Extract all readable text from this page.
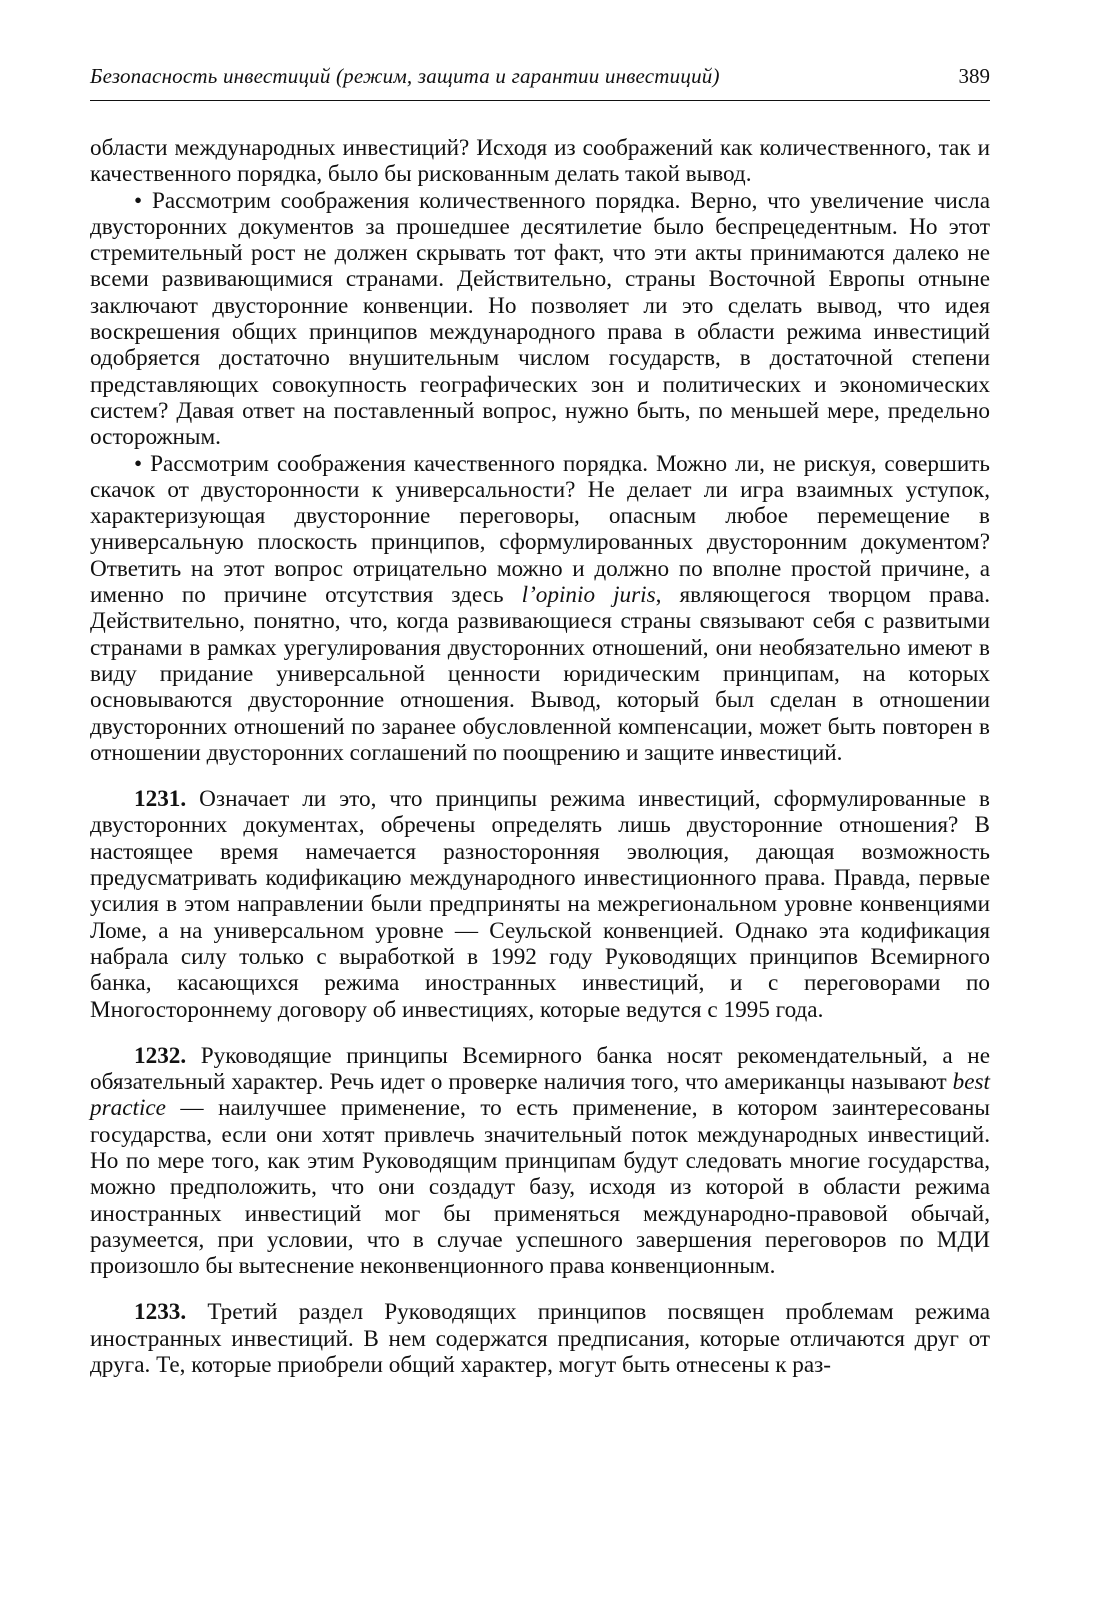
Безопасность инвестиций (режим, защита и гарантии инвестиций)	389

области международных инвестиций? Исходя из соображений как количественного, так и качественного порядка, было бы рискованным делать такой вывод.

• Рассмотрим соображения количественного порядка. Верно, что увеличение числа двусторонних документов за прошедшее десятилетие было беспрецедентным. Но этот стремительный рост не должен скрывать тот факт, что эти акты принимаются далеко не всеми развивающимися странами. Действительно, страны Восточной Европы отныне заключают двусторонние конвенции. Но позволяет ли это сделать вывод, что идея воскрешения общих принципов международного права в области режима инвестиций одобряется достаточно внушительным числом государств, в достаточной степени представляющих совокупность географических зон и политических и экономических систем? Давая ответ на поставленный вопрос, нужно быть, по меньшей мере, предельно осторожным.

• Рассмотрим соображения качественного порядка. Можно ли, не рискуя, совершить скачок от двусторонности к универсальности? Не делает ли игра взаимных уступок, характеризующая двусторонние переговоры, опасным любое перемещение в универсальную плоскость принципов, сформулированных двусторонним документом? Ответить на этот вопрос отрицательно можно и должно по вполне простой причине, а именно по причине отсутствия здесь l’opinio juris, являющегося творцом права. Действительно, понятно, что, когда развивающиеся страны связывают себя с развитыми странами в рамках урегулирования двусторонних отношений, они необязательно имеют в виду придание универсальной ценности юридическим принципам, на которых основываются двусторонние отношения. Вывод, который был сделан в отношении двусторонних отношений по заранее обусловленной компенсации, может быть повторен в отношении двусторонних соглашений по поощрению и защите инвестиций.

1231. Означает ли это, что принципы режима инвестиций, сформулированные в двусторонних документах, обречены определять лишь двусторонние отношения? В настоящее время намечается разносторонняя эволюция, дающая возможность предусматривать кодификацию международного инвестиционного права. Правда, первые усилия в этом направлении были предприняты на межрегиональном уровне конвенциями Ломе, а на универсальном уровне — Сеульской конвенцией. Однако эта кодификация набрала силу только с выработкой в 1992 году Руководящих принципов Всемирного банка, касающихся режима иностранных инвестиций, и с переговорами по Многостороннему договору об инвестициях, которые ведутся с 1995 года.

1232. Руководящие принципы Всемирного банка носят рекомендательный, а не обязательный характер. Речь идет о проверке наличия того, что американцы называют best practice — наилучшее применение, то есть применение, в котором заинтересованы государства, если они хотят привлечь значительный поток международных инвестиций. Но по мере того, как этим Руководящим принципам будут следовать многие государства, можно предположить, что они создадут базу, исходя из которой в области режима иностранных инвестиций мог бы применяться международно-правовой обычай, разумеется, при условии, что в случае успешного завершения переговоров по МДИ произошло бы вытеснение неконвенционного права конвенционным.

1233. Третий раздел Руководящих принципов посвящен проблемам режима иностранных инвестиций. В нем содержатся предписания, которые отличаются друг от друга. Те, которые приобрели общий характер, могут быть отнесены к раз-
